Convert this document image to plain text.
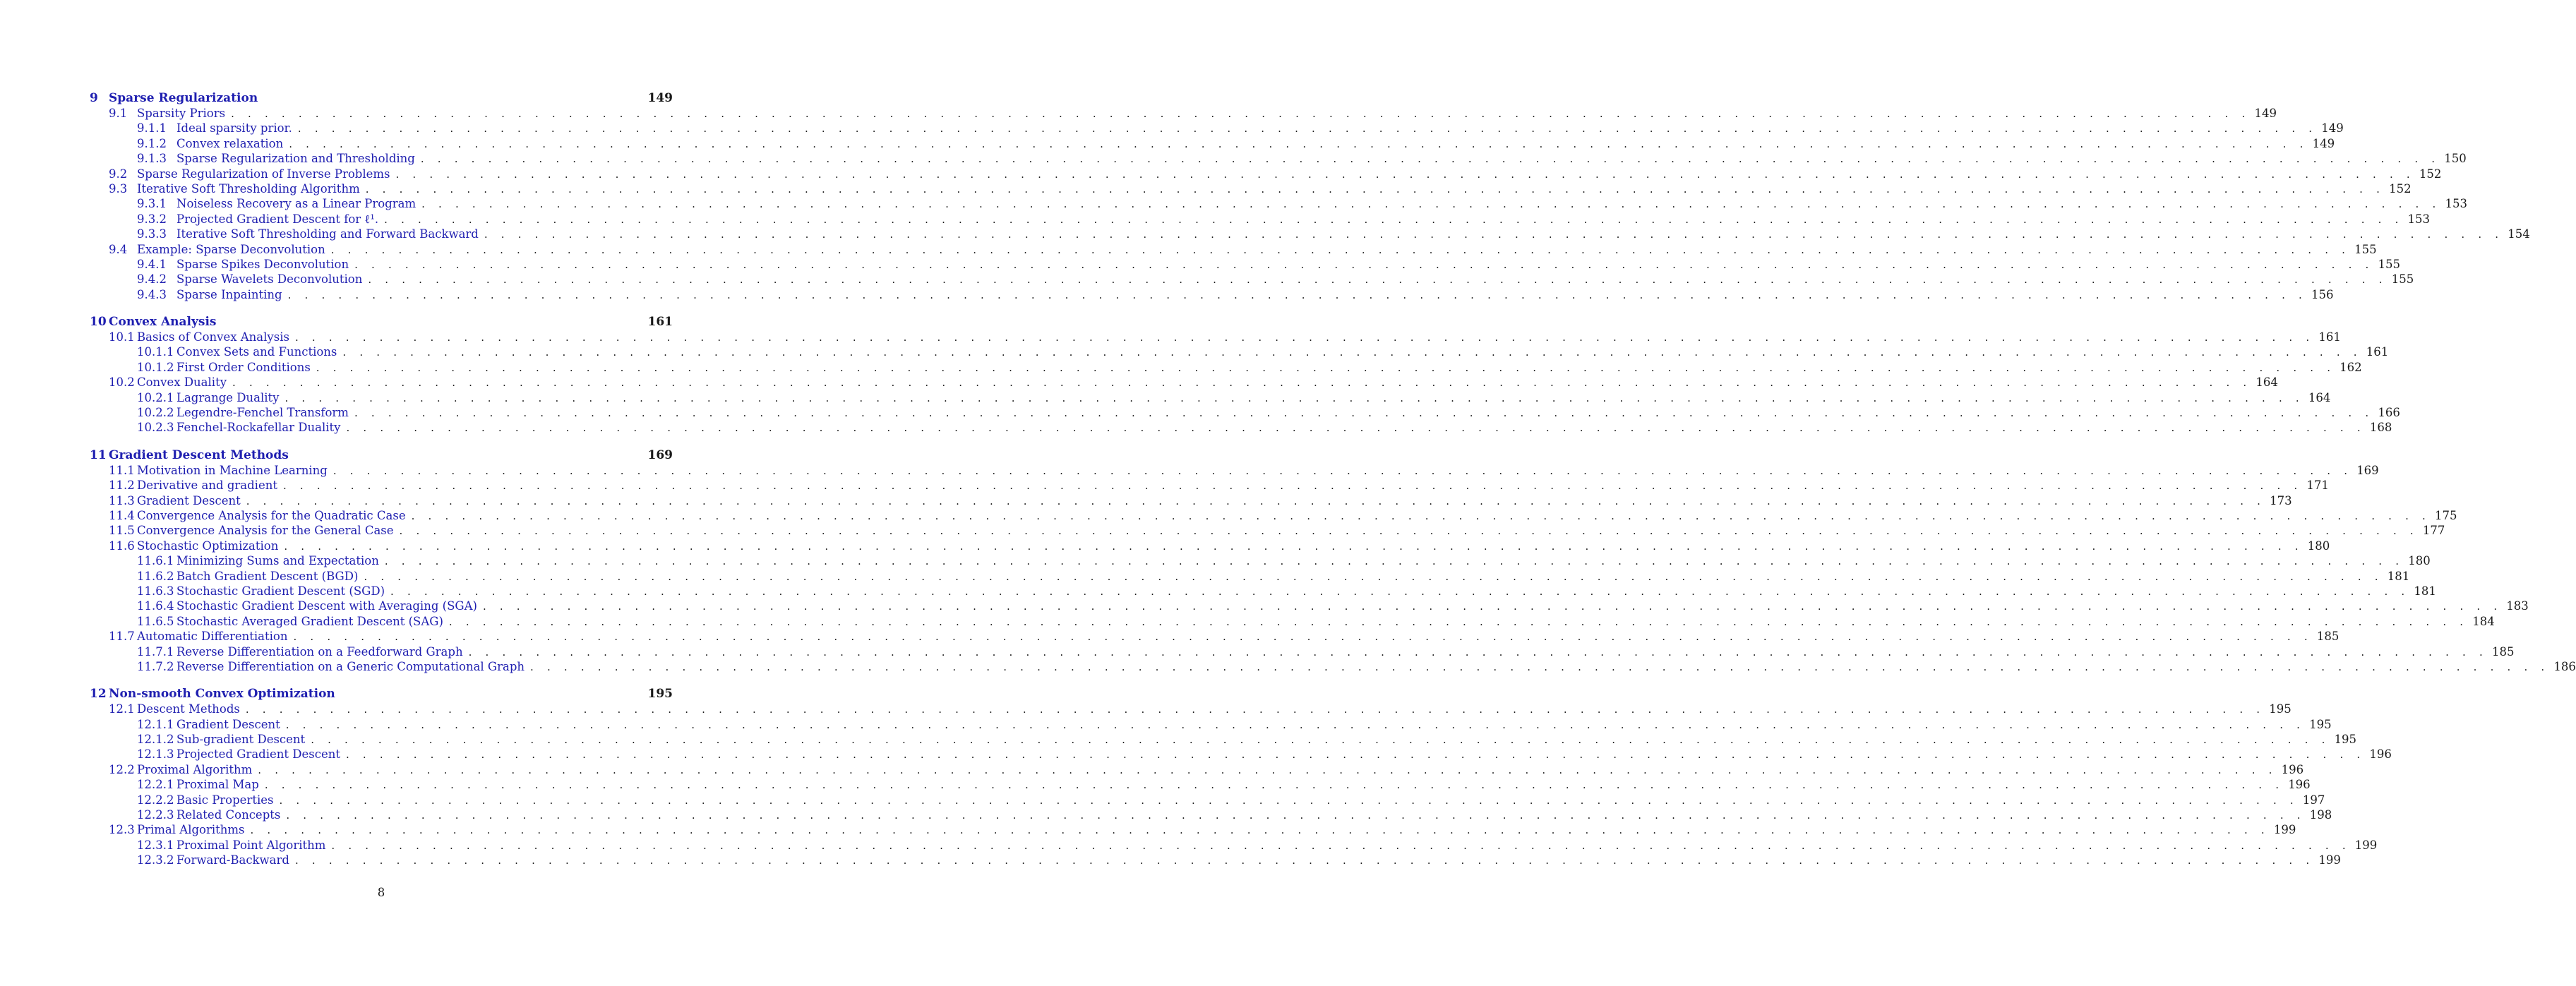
9 Sparse Regularization	149
9.1 Sparsity Priors . . . . . . . . . . . . . . . . . . . . . . . . . . . . . . . . . . . . . . . . . . . . . . . . . . . . . . . . . . . . . . . . . . . . . . . . . . . . . . . . . . . . . . . . . . . . . . . . . . . . . . . . . . . . . . . . . . . . . . . . 149
9.1.1 Ideal sparsity prior. . . . . . . . . . . . . . . . . . . . . . . . . . . . . . . . . . . . . . . . . . . . . . . . . . . . . . . . . . . . . . . . . . . . . . . . . . . . . . . . . . . . . . . . . . . . . . . . . . . . . . . . . . . . . . . . . . . . . . . . . 149
9.1.2 Convex relaxation . . . . . . . . . . . . . . . . . . . . . . . . . . . . . . . . . . . . . . . . . . . . . . . . . . . . . . . . . . . . . . . . . . . . . . . . . . . . . . . . . . . . . . . . . . . . . . . . . . . . . . . . . . . . . . . . . . . . . . . . 149
9.1.3 Sparse Regularization and Thresholding . . . . . . . . . . . . . . . . . . . . . . . . . . . . . . . . . . . . . . . . . . . . . . . . . . . . . . . . . . . . . . . . . . . . . . . . . . . . . . . . . . . . . . . . . . . . . . . . . . . . . . . . . . . . . . . . . . . . . . . . 150
9.2 Sparse Regularization of Inverse Problems . . . . . . . . . . . . . . . . . . . . . . . . . . . . . . . . . . . . . . . . . . . . . . . . . . . . . . . . . . . . . . . . . . . . . . . . . . . . . . . . . . . . . . . . . . . . . . . . . . . . . . . . . . . . . . . . . . . . . . . . 152
9.3 Iterative Soft Thresholding Algorithm . . . . . . . . . . . . . . . . . . . . . . . . . . . . . . . . . . . . . . . . . . . . . . . . . . . . . . . . . . . . . . . . . . . . . . . . . . . . . . . . . . . . . . . . . . . . . . . . . . . . . . . . . . . . . . . . . . . . . . . . 152
9.3.1 Noiseless Recovery as a Linear Program . . . . . . . . . . . . . . . . . . . . . . . . . . . . . . . . . . . . . . . . . . . . . . . . . . . . . . . . . . . . . . . . . . . . . . . . . . . . . . . . . . . . . . . . . . . . . . . . . . . . . . . . . . . . . . . . . . . . . . . . 153
9.3.2 Projected Gradient Descent for ℓ¹. . . . . . . . . . . . . . . . . . . . . . . . . . . . . . . . . . . . . . . . . . . . . . . . . . . . . . . . . . . . . . . . . . . . . . . . . . . . . . . . . . . . . . . . . . . . . . . . . . . . . . . . . . . . . . . . . . . . . . . . . 153
9.3.3 Iterative Soft Thresholding and Forward Backward . . . . . . . . . . . . . . . . . . . . . . . . . . . . . . . . . . . . . . . . . . . . . . . . . . . . . . . . . . . . . . . . . . . . . . . . . . . . . . . . . . . . . . . . . . . . . . . . . . . . . . . . . . . . . . . . . . . . . . . . 154
9.4 Example: Sparse Deconvolution . . . . . . . . . . . . . . . . . . . . . . . . . . . . . . . . . . . . . . . . . . . . . . . . . . . . . . . . . . . . . . . . . . . . . . . . . . . . . . . . . . . . . . . . . . . . . . . . . . . . . . . . . . . . . . . . . . . . . . . . 155
9.4.1 Sparse Spikes Deconvolution . . . . . . . . . . . . . . . . . . . . . . . . . . . . . . . . . . . . . . . . . . . . . . . . . . . . . . . . . . . . . . . . . . . . . . . . . . . . . . . . . . . . . . . . . . . . . . . . . . . . . . . . . . . . . . . . . . . . . . . . 155
9.4.2 Sparse Wavelets Deconvolution . . . . . . . . . . . . . . . . . . . . . . . . . . . . . . . . . . . . . . . . . . . . . . . . . . . . . . . . . . . . . . . . . . . . . . . . . . . . . . . . . . . . . . . . . . . . . . . . . . . . . . . . . . . . . . . . . . . . . . . . 155
9.4.3 Sparse Inpainting . . . . . . . . . . . . . . . . . . . . . . . . . . . . . . . . . . . . . . . . . . . . . . . . . . . . . . . . . . . . . . . . . . . . . . . . . . . . . . . . . . . . . . . . . . . . . . . . . . . . . . . . . . . . . . . . . . . . . . . . 156
10 Convex Analysis	161
10.1 Basics of Convex Analysis . . . . . . . . . . . . . . . . . . . . . . . . . . . . . . . . . . . . . . . . . . . . . . . . . . . . . . . . . . . . . . . . . . . . . . . . . . . . . . . . . . . . . . . . . . . . . . . . . . . . . . . . . . . . . . . . . . . . . . . . 161
10.1.1 Convex Sets and Functions . . . . . . . . . . . . . . . . . . . . . . . . . . . . . . . . . . . . . . . . . . . . . . . . . . . . . . . . . . . . . . . . . . . . . . . . . . . . . . . . . . . . . . . . . . . . . . . . . . . . . . . . . . . . . . . . . . . . . . . . 161
10.1.2 First Order Conditions . . . . . . . . . . . . . . . . . . . . . . . . . . . . . . . . . . . . . . . . . . . . . . . . . . . . . . . . . . . . . . . . . . . . . . . . . . . . . . . . . . . . . . . . . . . . . . . . . . . . . . . . . . . . . . . . . . . . . . . . 162
10.2 Convex Duality . . . . . . . . . . . . . . . . . . . . . . . . . . . . . . . . . . . . . . . . . . . . . . . . . . . . . . . . . . . . . . . . . . . . . . . . . . . . . . . . . . . . . . . . . . . . . . . . . . . . . . . . . . . . . . . . . . . . . . . . 164
10.2.1 Lagrange Duality . . . . . . . . . . . . . . . . . . . . . . . . . . . . . . . . . . . . . . . . . . . . . . . . . . . . . . . . . . . . . . . . . . . . . . . . . . . . . . . . . . . . . . . . . . . . . . . . . . . . . . . . . . . . . . . . . . . . . . . . 164
10.2.2 Legendre-Fenchel Transform . . . . . . . . . . . . . . . . . . . . . . . . . . . . . . . . . . . . . . . . . . . . . . . . . . . . . . . . . . . . . . . . . . . . . . . . . . . . . . . . . . . . . . . . . . . . . . . . . . . . . . . . . . . . . . . . . . . . . . . . 166
10.2.3 Fenchel-Rockafellar Duality . . . . . . . . . . . . . . . . . . . . . . . . . . . . . . . . . . . . . . . . . . . . . . . . . . . . . . . . . . . . . . . . . . . . . . . . . . . . . . . . . . . . . . . . . . . . . . . . . . . . . . . . . . . . . . . . . . . . . . . . 168
11 Gradient Descent Methods	169
11.1 Motivation in Machine Learning . . . . . . . . . . . . . . . . . . . . . . . . . . . . . . . . . . . . . . . . . . . . . . . . . . . . . . . . . . . . . . . . . . . . . . . . . . . . . . . . . . . . . . . . . . . . . . . . . . . . . . . . . . . . . . . . . . . . . . . . 169
11.2 Derivative and gradient . . . . . . . . . . . . . . . . . . . . . . . . . . . . . . . . . . . . . . . . . . . . . . . . . . . . . . . . . . . . . . . . . . . . . . . . . . . . . . . . . . . . . . . . . . . . . . . . . . . . . . . . . . . . . . . . . . . . . . . . 171
11.3 Gradient Descent . . . . . . . . . . . . . . . . . . . . . . . . . . . . . . . . . . . . . . . . . . . . . . . . . . . . . . . . . . . . . . . . . . . . . . . . . . . . . . . . . . . . . . . . . . . . . . . . . . . . . . . . . . . . . . . . . . . . . . . . 173
11.4 Convergence Analysis for the Quadratic Case . . . . . . . . . . . . . . . . . . . . . . . . . . . . . . . . . . . . . . . . . . . . . . . . . . . . . . . . . . . . . . . . . . . . . . . . . . . . . . . . . . . . . . . . . . . . . . . . . . . . . . . . . . . . . . . . . . . . . . . . 175
11.5 Convergence Analysis for the General Case . . . . . . . . . . . . . . . . . . . . . . . . . . . . . . . . . . . . . . . . . . . . . . . . . . . . . . . . . . . . . . . . . . . . . . . . . . . . . . . . . . . . . . . . . . . . . . . . . . . . . . . . . . . . . . . . . . . . . . . . 177
11.6 Stochastic Optimization . . . . . . . . . . . . . . . . . . . . . . . . . . . . . . . . . . . . . . . . . . . . . . . . . . . . . . . . . . . . . . . . . . . . . . . . . . . . . . . . . . . . . . . . . . . . . . . . . . . . . . . . . . . . . . . . . . . . . . . . 180
11.6.1 Minimizing Sums and Expectation . . . . . . . . . . . . . . . . . . . . . . . . . . . . . . . . . . . . . . . . . . . . . . . . . . . . . . . . . . . . . . . . . . . . . . . . . . . . . . . . . . . . . . . . . . . . . . . . . . . . . . . . . . . . . . . . . . . . . . . . 180
11.6.2 Batch Gradient Descent (BGD) . . . . . . . . . . . . . . . . . . . . . . . . . . . . . . . . . . . . . . . . . . . . . . . . . . . . . . . . . . . . . . . . . . . . . . . . . . . . . . . . . . . . . . . . . . . . . . . . . . . . . . . . . . . . . . . . . . . . . . . . 181
11.6.3 Stochastic Gradient Descent (SGD) . . . . . . . . . . . . . . . . . . . . . . . . . . . . . . . . . . . . . . . . . . . . . . . . . . . . . . . . . . . . . . . . . . . . . . . . . . . . . . . . . . . . . . . . . . . . . . . . . . . . . . . . . . . . . . . . . . . . . . . . 181
11.6.4 Stochastic Gradient Descent with Averaging (SGA) . . . . . . . . . . . . . . . . . . . . . . . . . . . . . . . . . . . . . . . . . . . . . . . . . . . . . . . . . . . . . . . . . . . . . . . . . . . . . . . . . . . . . . . . . . . . . . . . . . . . . . . . . . . . . . . . . . . . . . . . 183
11.6.5 Stochastic Averaged Gradient Descent (SAG) . . . . . . . . . . . . . . . . . . . . . . . . . . . . . . . . . . . . . . . . . . . . . . . . . . . . . . . . . . . . . . . . . . . . . . . . . . . . . . . . . . . . . . . . . . . . . . . . . . . . . . . . . . . . . . . . . . . . . . . . 184
11.7 Automatic Differentiation . . . . . . . . . . . . . . . . . . . . . . . . . . . . . . . . . . . . . . . . . . . . . . . . . . . . . . . . . . . . . . . . . . . . . . . . . . . . . . . . . . . . . . . . . . . . . . . . . . . . . . . . . . . . . . . . . . . . . . . . 185
11.7.1 Reverse Differentiation on a Feedforward Graph . . . . . . . . . . . . . . . . . . . . . . . . . . . . . . . . . . . . . . . . . . . . . . . . . . . . . . . . . . . . . . . . . . . . . . . . . . . . . . . . . . . . . . . . . . . . . . . . . . . . . . . . . . . . . . . . . . . . . . . . 185
11.7.2 Reverse Differentiation on a Generic Computational Graph . . . . . . . . . . . . . . . . . . . . . . . . . . . . . . . . . . . . . . . . . . . . . . . . . . . . . . . . . . . . . . . . . . . . . . . . . . . . . . . . . . . . . . . . . . . . . . . . . . . . . . . . . . . . . . . . . . . . . . . . 186
12 Non-smooth Convex Optimization	195
12.1 Descent Methods . . . . . . . . . . . . . . . . . . . . . . . . . . . . . . . . . . . . . . . . . . . . . . . . . . . . . . . . . . . . . . . . . . . . . . . . . . . . . . . . . . . . . . . . . . . . . . . . . . . . . . . . . . . . . . . . . . . . . . . . 195
12.1.1 Gradient Descent . . . . . . . . . . . . . . . . . . . . . . . . . . . . . . . . . . . . . . . . . . . . . . . . . . . . . . . . . . . . . . . . . . . . . . . . . . . . . . . . . . . . . . . . . . . . . . . . . . . . . . . . . . . . . . . . . . . . . . . . 195
12.1.2 Sub-gradient Descent . . . . . . . . . . . . . . . . . . . . . . . . . . . . . . . . . . . . . . . . . . . . . . . . . . . . . . . . . . . . . . . . . . . . . . . . . . . . . . . . . . . . . . . . . . . . . . . . . . . . . . . . . . . . . . . . . . . . . . . . 195
12.1.3 Projected Gradient Descent . . . . . . . . . . . . . . . . . . . . . . . . . . . . . . . . . . . . . . . . . . . . . . . . . . . . . . . . . . . . . . . . . . . . . . . . . . . . . . . . . . . . . . . . . . . . . . . . . . . . . . . . . . . . . . . . . . . . . . . . 196
12.2 Proximal Algorithm . . . . . . . . . . . . . . . . . . . . . . . . . . . . . . . . . . . . . . . . . . . . . . . . . . . . . . . . . . . . . . . . . . . . . . . . . . . . . . . . . . . . . . . . . . . . . . . . . . . . . . . . . . . . . . . . . . . . . . . . 196
12.2.1 Proximal Map . . . . . . . . . . . . . . . . . . . . . . . . . . . . . . . . . . . . . . . . . . . . . . . . . . . . . . . . . . . . . . . . . . . . . . . . . . . . . . . . . . . . . . . . . . . . . . . . . . . . . . . . . . . . . . . . . . . . . . . . 196
12.2.2 Basic Properties . . . . . . . . . . . . . . . . . . . . . . . . . . . . . . . . . . . . . . . . . . . . . . . . . . . . . . . . . . . . . . . . . . . . . . . . . . . . . . . . . . . . . . . . . . . . . . . . . . . . . . . . . . . . . . . . . . . . . . . . 197
12.2.3 Related Concepts . . . . . . . . . . . . . . . . . . . . . . . . . . . . . . . . . . . . . . . . . . . . . . . . . . . . . . . . . . . . . . . . . . . . . . . . . . . . . . . . . . . . . . . . . . . . . . . . . . . . . . . . . . . . . . . . . . . . . . . . 198
12.3 Primal Algorithms . . . . . . . . . . . . . . . . . . . . . . . . . . . . . . . . . . . . . . . . . . . . . . . . . . . . . . . . . . . . . . . . . . . . . . . . . . . . . . . . . . . . . . . . . . . . . . . . . . . . . . . . . . . . . . . . . . . . . . . . 199
12.3.1 Proximal Point Algorithm . . . . . . . . . . . . . . . . . . . . . . . . . . . . . . . . . . . . . . . . . . . . . . . . . . . . . . . . . . . . . . . . . . . . . . . . . . . . . . . . . . . . . . . . . . . . . . . . . . . . . . . . . . . . . . . . . . . . . . . . 199
12.3.2 Forward-Backward . . . . . . . . . . . . . . . . . . . . . . . . . . . . . . . . . . . . . . . . . . . . . . . . . . . . . . . . . . . . . . . . . . . . . . . . . . . . . . . . . . . . . . . . . . . . . . . . . . . . . . . . . . . . . . . . . . . . . . . . 199
8
